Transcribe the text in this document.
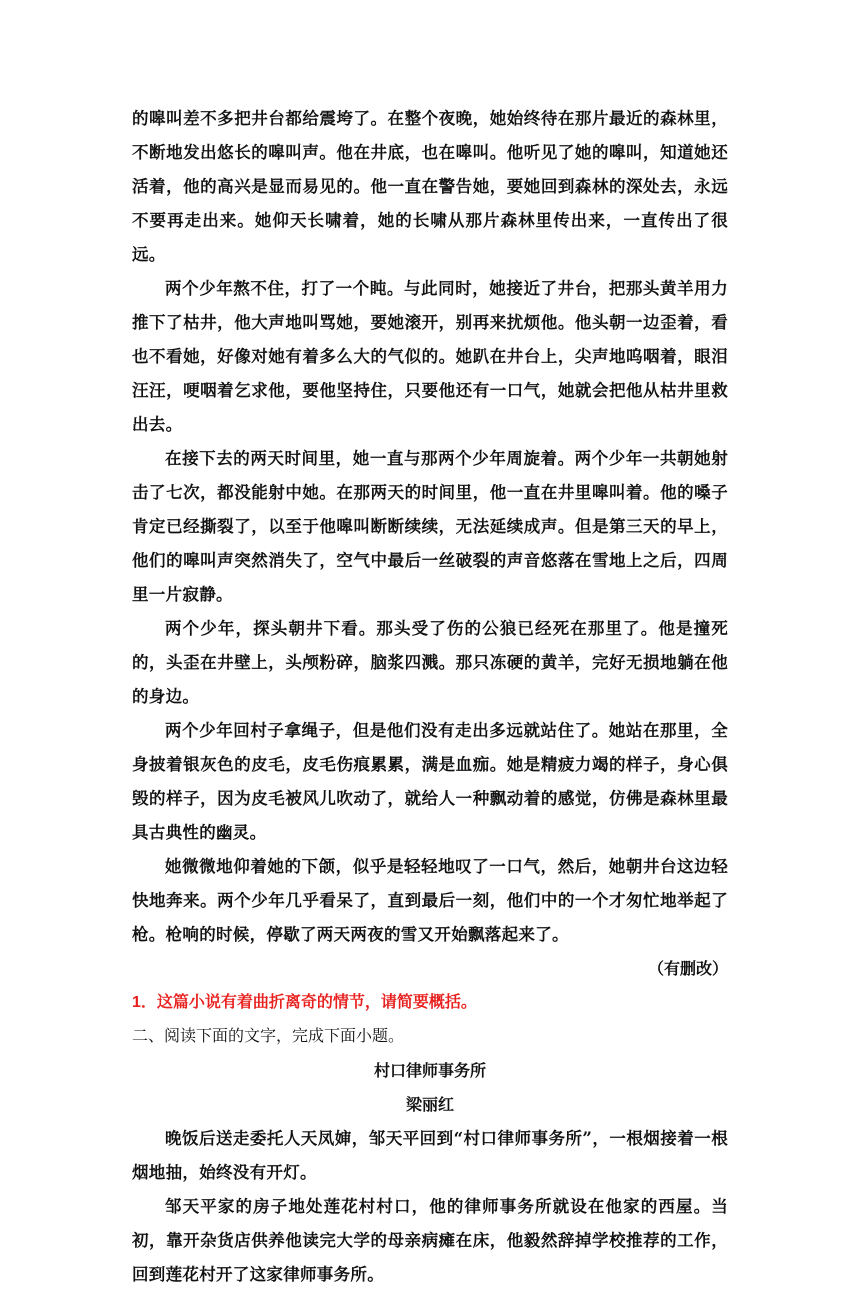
的嗥叫差不多把井台都给震垮了。在整个夜晚，她始终待在那片最近的森林里，不断地发出悠长的嗥叫声。他在井底，也在嗥叫。他听见了她的嗥叫，知道她还活着，他的高兴是显而易见的。他一直在警告她，要她回到森林的深处去，永远不要再走出来。她仰天长啸着，她的长啸从那片森林里传出来，一直传出了很远。

两个少年熬不住，打了一个盹。与此同时，她接近了井台，把那头黄羊用力推下了枯井，他大声地叫骂她，要她滚开，别再来扰烦他。他头朝一边歪着，看也不看她，好像对她有着多么大的气似的。她趴在井台上，尖声地呜咽着，眼泪汪汪，哽咽着乞求他，要他坚持住，只要他还有一口气，她就会把他从枯井里救出去。

在接下去的两天时间里，她一直与那两个少年周旋着。两个少年一共朝她射击了七次，都没能射中她。在那两天的时间里，他一直在井里嗥叫着。他的嗓子肯定已经撕裂了，以至于他嗥叫断断续续，无法延续成声。但是第三天的早上，他们的嗥叫声突然消失了，空气中最后一丝破裂的声音悠落在雪地上之后，四周里一片寂静。

两个少年，探头朝井下看。那头受了伤的公狼已经死在那里了。他是撞死的，头歪在井壁上，头颅粉碎，脑浆四溅。那只冻硬的黄羊，完好无损地躺在他的身边。

两个少年回村子拿绳子，但是他们没有走出多远就站住了。她站在那里，全身披着银灰色的皮毛，皮毛伤痕累累，满是血痂。她是精疲力竭的样子，身心俱毁的样子，因为皮毛被风儿吹动了，就给人一种飘动着的感觉，仿佛是森林里最具古典性的幽灵。

她微微地仰着她的下颌，似乎是轻轻地叹了一口气，然后，她朝井台这边轻快地奔来。两个少年几乎看呆了，直到最后一刻，他们中的一个才匆忙地举起了枪。枪响的时候，停歇了两天两夜的雪又开始飘落起来了。

（有删改）

1．这篇小说有着曲折离奇的情节，请简要概括。

二、阅读下面的文字，完成下面小题。

村口律师事务所

梁丽红

晚饭后送走委托人天凤婶，邹天平回到“村口律师事务所”，一根烟接着一根烟地抽，始终没有开灯。

邹天平家的房子地处莲花村村口，他的律师事务所就设在他家的西屋。当初，靠开杂货店供养他读完大学的母亲病瘫在床，他毅然辞掉学校推荐的工作，回到莲花村开了这家律师事务所。
